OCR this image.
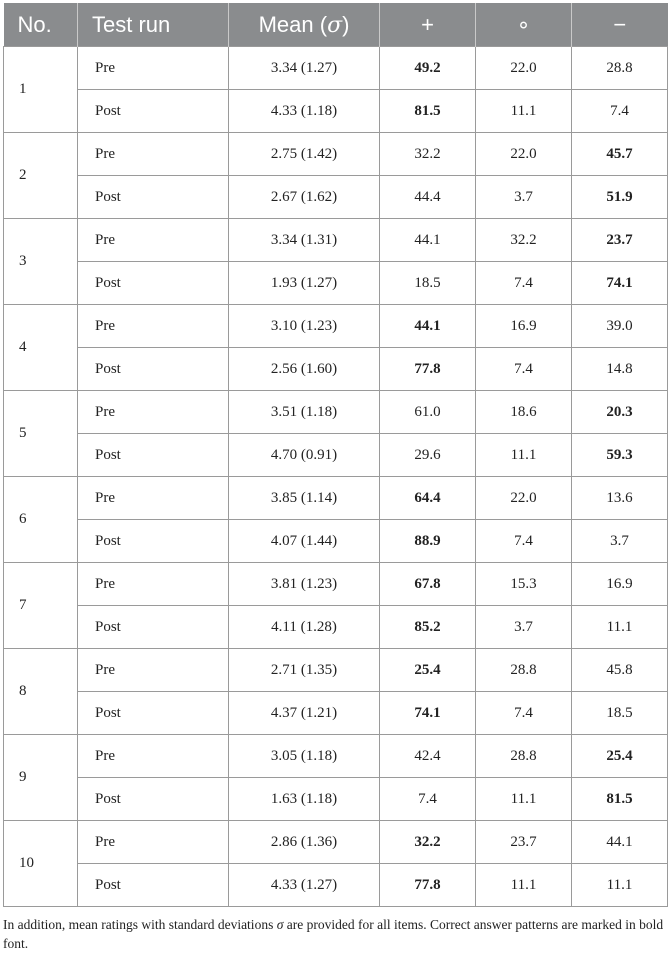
No.	Test run	Mean (σ)	+	∘	−
1	Pre	3.34 (1.27)	49.2	22.0	28.8
	Post	4.33 (1.18)	81.5	11.1	7.4
2	Pre	2.75 (1.42)	32.2	22.0	45.7
	Post	2.67 (1.62)	44.4	3.7	51.9
3	Pre	3.34 (1.31)	44.1	32.2	23.7
	Post	1.93 (1.27)	18.5	7.4	74.1
4	Pre	3.10 (1.23)	44.1	16.9	39.0
	Post	2.56 (1.60)	77.8	7.4	14.8
5	Pre	3.51 (1.18)	61.0	18.6	20.3
	Post	4.70 (0.91)	29.6	11.1	59.3
6	Pre	3.85 (1.14)	64.4	22.0	13.6
	Post	4.07 (1.44)	88.9	7.4	3.7
7	Pre	3.81 (1.23)	67.8	15.3	16.9
	Post	4.11 (1.28)	85.2	3.7	11.1
8	Pre	2.71 (1.35)	25.4	28.8	45.8
	Post	4.37 (1.21)	74.1	7.4	18.5
9	Pre	3.05 (1.18)	42.4	28.8	25.4
	Post	1.63 (1.18)	7.4	11.1	81.5
10	Pre	2.86 (1.36)	32.2	23.7	44.1
	Post	4.33 (1.27)	77.8	11.1	11.1
In addition, mean ratings with standard deviations σ are provided for all items. Correct answer patterns are marked in bold font.
